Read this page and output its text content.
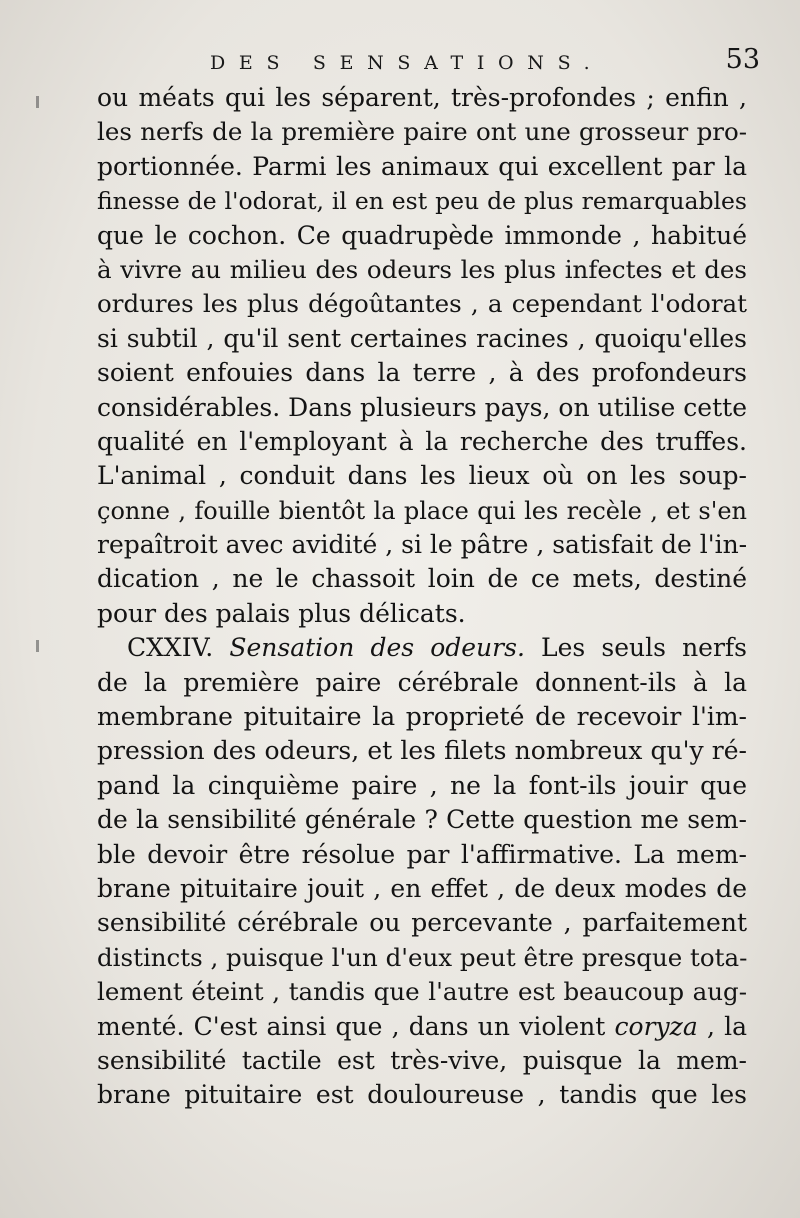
DES SENSATIONS.	53
ou méats qui les séparent, très-profondes ; enfin ,
les nerfs de la première paire ont une grosseur pro-
portionnée. Parmi les animaux qui excellent par la
finesse de l'odorat, il en est peu de plus remarquables
que le cochon. Ce quadrupède immonde , habitué
à vivre au milieu des odeurs les plus infectes et des
ordures les plus dégoûtantes , a cependant l'odorat
si subtil , qu'il sent certaines racines , quoiqu'elles
soient enfouies dans la terre , à des profondeurs
considérables. Dans plusieurs pays, on utilise cette
qualité en l'employant à la recherche des truffes.
L'animal , conduit dans les lieux où on les soup-
çonne , fouille bientôt la place qui les recèle , et s'en
repaîtroit avec avidité , si le pâtre , satisfait de l'in-
dication , ne le chassoit loin de ce mets, destiné
pour des palais plus délicats.
CXXIV. Sensation des odeurs. Les seuls nerfs
de la première paire cérébrale donnent-ils à la
membrane pituitaire la proprieté de recevoir l'im-
pression des odeurs, et les filets nombreux qu'y ré-
pand la cinquième paire , ne la font-ils jouir que
de la sensibilité générale ? Cette question me sem-
ble devoir être résolue par l'affirmative. La mem-
brane pituitaire jouit , en effet , de deux modes de
sensibilité cérébrale ou percevante , parfaitement
distincts , puisque l'un d'eux peut être presque tota-
lement éteint , tandis que l'autre est beaucoup aug-
menté. C'est ainsi que , dans un violent coryza , la
sensibilité tactile est très-vive, puisque la mem-
brane pituitaire est douloureuse , tandis que les
